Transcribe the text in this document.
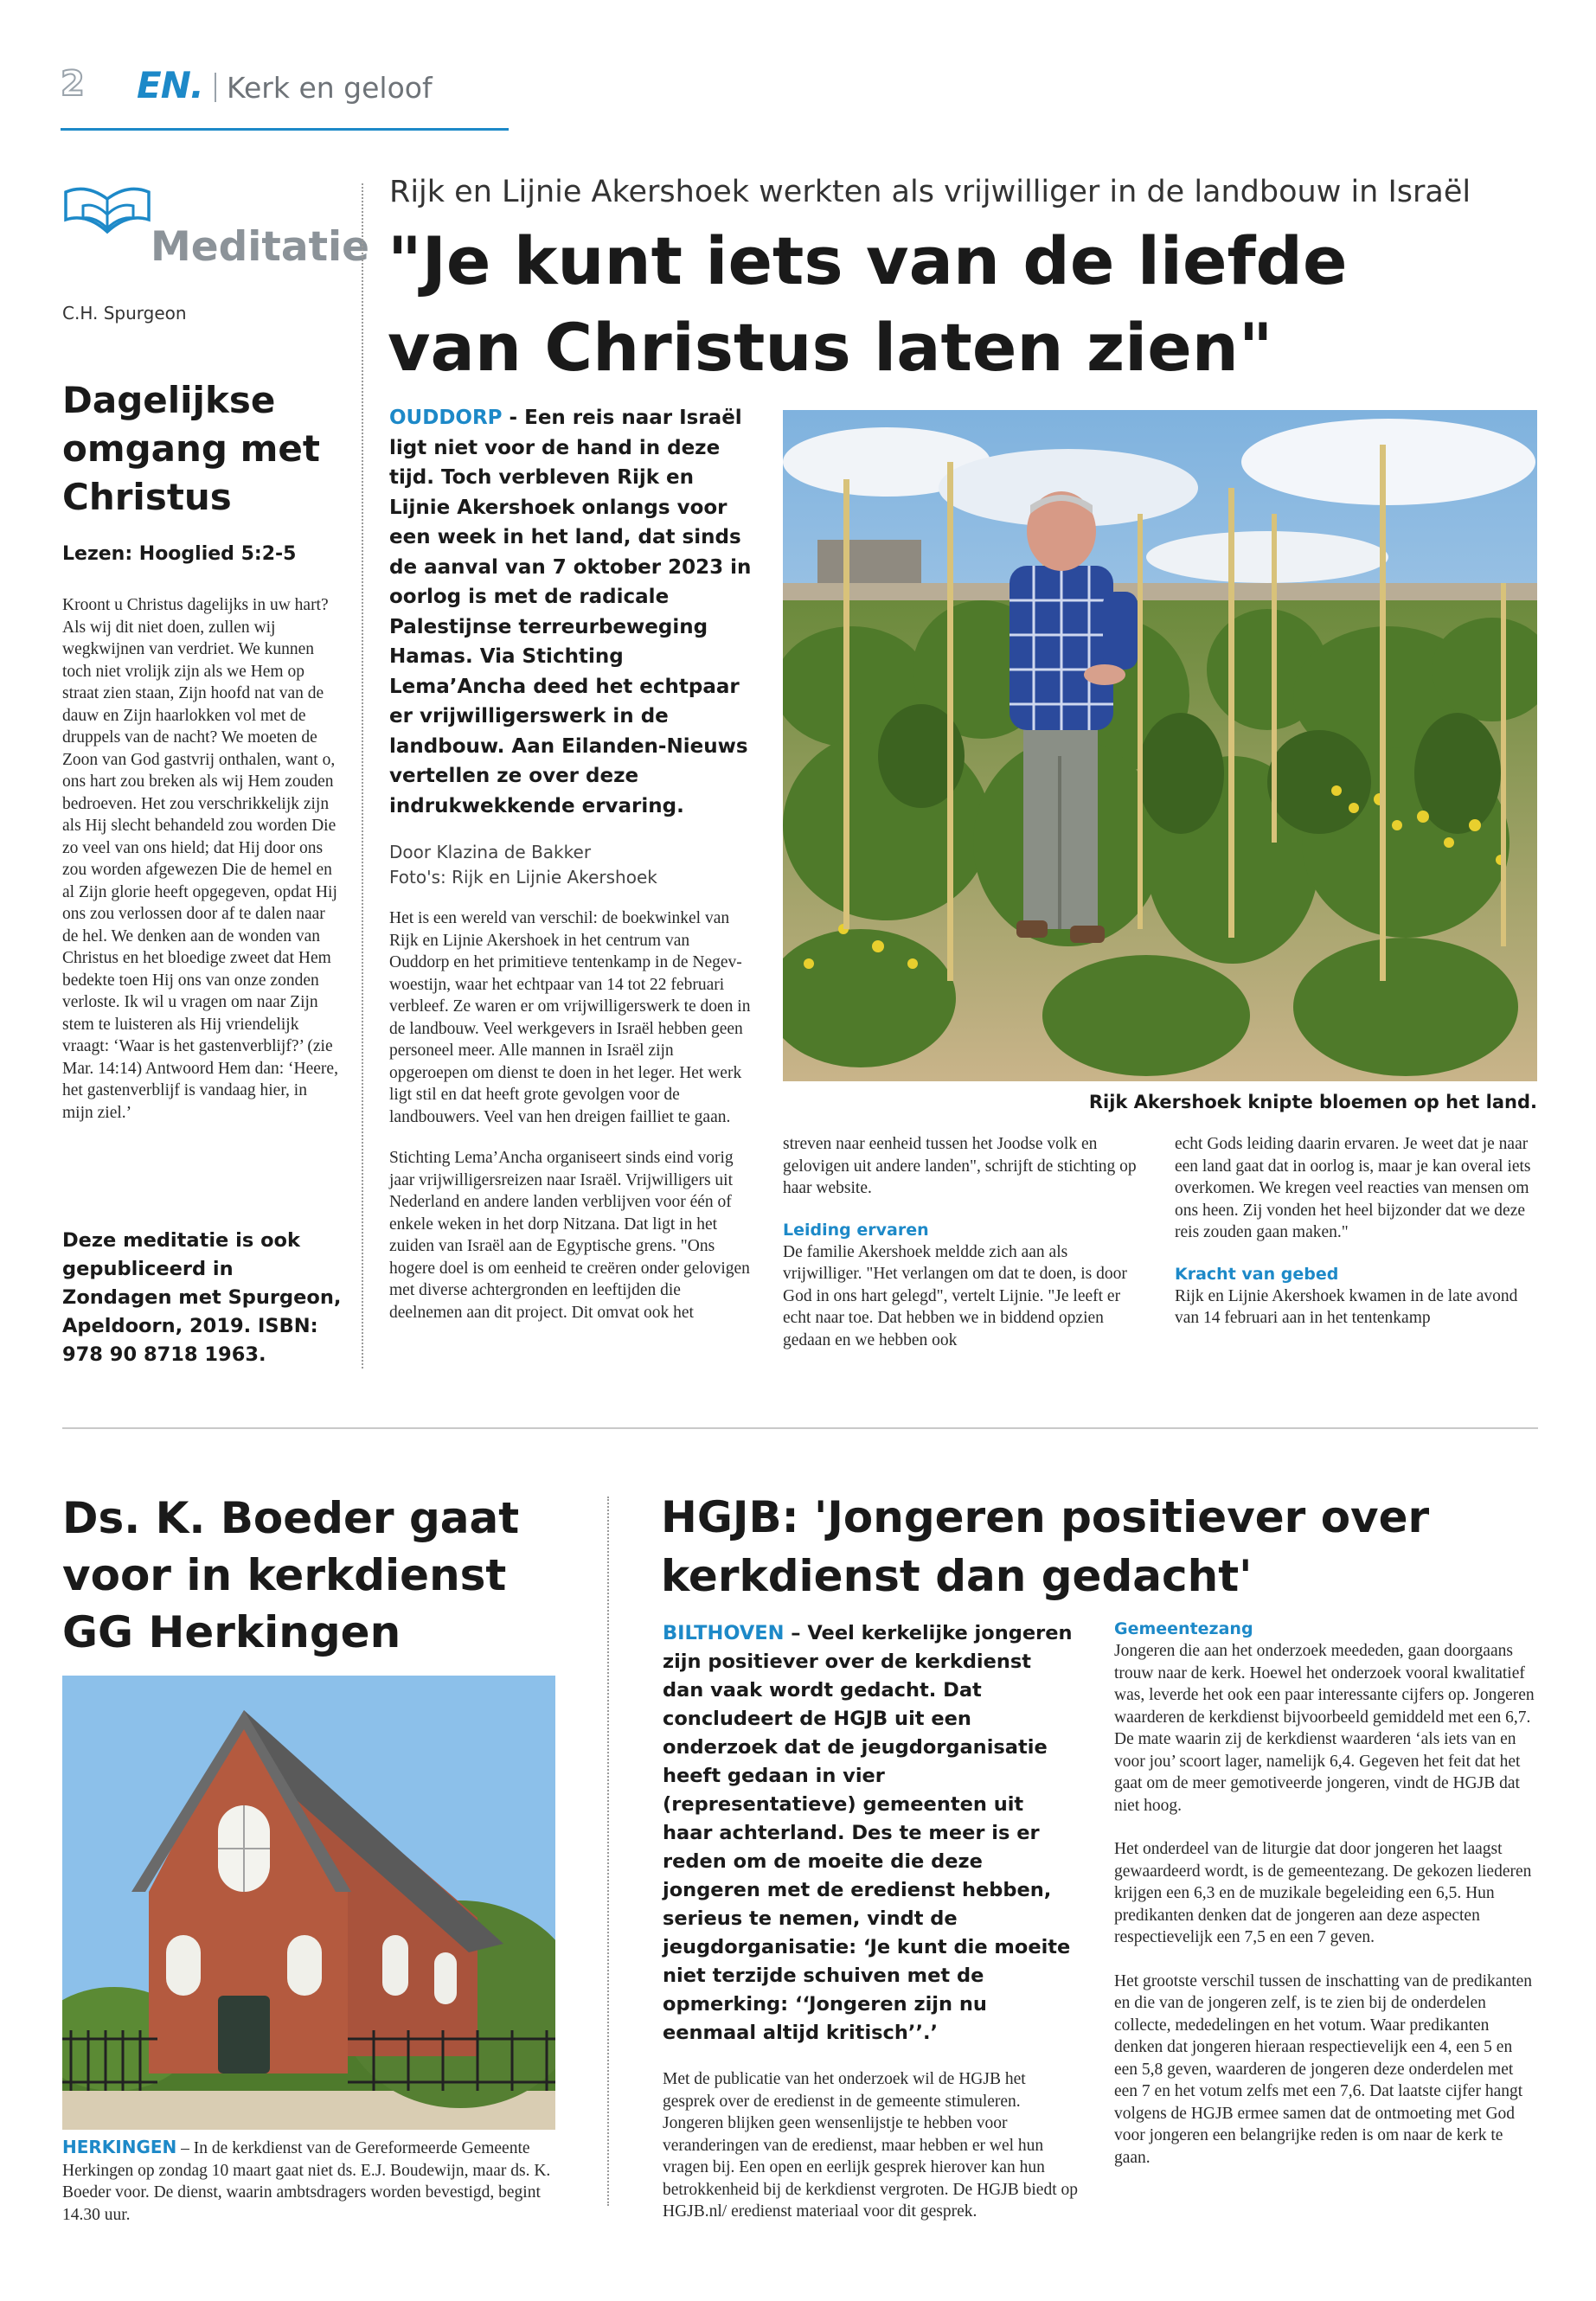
2 EN. Kerk en geloof
Meditatie
C.H. Spurgeon
Dagelijkse omgang met Christus
Lezen: Hooglied 5:2-5

Kroont u Christus dagelijks in uw hart? Als wij dit niet doen, zullen wij wegkwijnen van verdriet. We kunnen toch niet vrolijk zijn als we Hem op straat zien staan, Zijn hoofd nat van de dauw en Zijn haarlokken vol met de druppels van de nacht? We moeten de Zoon van God gastvrij onthalen, want o, ons hart zou breken als wij Hem zouden bedroeven. Het zou verschrikkelijk zijn als Hij slecht behandeld zou worden Die zo veel van ons hield; dat Hij door ons zou worden afgewezen Die de hemel en al Zijn glorie heeft opgegeven, opdat Hij ons zou verlossen door af te dalen naar de hel. We denken aan de wonden van Christus en het bloedige zweet dat Hem bedekte toen Hij ons van onze zonden verloste. Ik wil u vragen om naar Zijn stem te luisteren als Hij vriendelijk vraagt: ‘Waar is het gastenverblijf?’ (zie Mar. 14:14) Antwoord Hem dan: ‘Heere, het gastenverblijf is vandaag hier, in mijn ziel.’

Deze meditatie is ook gepubliceerd in Zondagen met Spurgeon, Apeldoorn, 2019. ISBN: 978 90 8718 1963.
Rijk en Lijnie Akershoek werkten als vrijwilliger in de landbouw in Israël
"Je kunt iets van de liefde van Christus laten zien"

OUDDORP - Een reis naar Israël ligt niet voor de hand in deze tijd. Toch verbleven Rijk en Lijnie Akershoek onlangs voor een week in het land, dat sinds de aanval van 7 oktober 2023 in oorlog is met de radicale Palestijnse terreurbeweging Hamas. Via Stichting Lema’Ancha deed het echtpaar er vrijwilligerswerk in de landbouw. Aan Eilanden-Nieuws vertellen ze over deze indrukwekkende ervaring.

Door Klazina de Bakker
Foto's: Rijk en Lijnie Akershoek

Het is een wereld van verschil: de boekwinkel van Rijk en Lijnie Akershoek in het centrum van Ouddorp en het primitieve tentenkamp in de Negev-woestijn, waar het echtpaar van 14 tot 22 februari verbleef. Ze waren er om vrijwilligerswerk te doen in de landbouw. Veel werkgevers in Israël hebben geen personeel meer. Alle mannen in Israël zijn opgeroepen om dienst te doen in het leger. Het werk ligt stil en dat heeft grote gevolgen voor de landbouwers. Veel van hen dreigen failliet te gaan.

Stichting Lema’Ancha organiseert sinds eind vorig jaar vrijwilligersreizen naar Israël. Vrijwilligers uit Nederland en andere landen verblijven voor één of enkele weken in het dorp Nitzana. Dat ligt in het zuiden van Israël aan de Egyptische grens. "Ons hogere doel is om eenheid te creëren onder gelovigen met diverse achtergronden en leeftijden die deelnemen aan dit project. Dit omvat ook het

Rijk Akershoek knipte bloemen op het land.

streven naar eenheid tussen het Joodse volk en gelovigen uit andere landen", schrijft de stichting op haar website.

Leiding ervaren

De familie Akershoek meldde zich aan als vrijwilliger. "Het verlangen om dat te doen, is door God in ons hart gelegd", vertelt Lijnie. "Je leeft er echt naar toe. Dat hebben we in biddend opzien gedaan en we hebben ook

echt Gods leiding daarin ervaren. Je weet dat je naar een land gaat dat in oorlog is, maar je kan overal iets overkomen. We kregen veel reacties van mensen om ons heen. Zij vonden het heel bijzonder dat we deze reis zouden gaan maken."

Kracht van gebed

Rijk en Lijnie Akershoek kwamen in de late avond van 14 februari aan in het tentenkamp

Ds. K. Boeder gaat voor in kerkdienst GG Herkingen

HERKINGEN – In de kerkdienst van de Gereformeerde Gemeente Herkingen op zondag 10 maart gaat niet ds. E.J. Boudewijn, maar ds. K. Boeder voor. De dienst, waarin ambtsdragers worden bevestigd, begint 14.30 uur.

HGJB: 'Jongeren positiever over kerkdienst dan gedacht'

BILTHOVEN – Veel kerkelijke jongeren zijn positiever over de kerkdienst dan vaak wordt gedacht. Dat concludeert de HGJB uit een onderzoek dat de jeugdorganisatie heeft gedaan in vier (representatieve) gemeenten uit haar achterland. Des te meer is er reden om de moeite die deze jongeren met de eredienst hebben, serieus te nemen, vindt de jeugdorganisatie: ‘Je kunt die moeite niet terzijde schuiven met de opmerking: ‘‘Jongeren zijn nu eenmaal altijd kritisch’’.’

Met de publicatie van het onderzoek wil de HGJB het gesprek over de eredienst in de gemeente stimuleren. Jongeren blijken geen wensenlijstje te hebben voor veranderingen van de eredienst, maar hebben er wel hun vragen bij. Een open en eerlijk gesprek hierover kan hun betrokkenheid bij de kerkdienst vergroten. De HGJB biedt op HGJB.nl/ eredienst materiaal voor dit gesprek.

Gemeentezang

Jongeren die aan het onderzoek meededen, gaan doorgaans trouw naar de kerk. Hoewel het onderzoek vooral kwalitatief was, leverde het ook een paar interessante cijfers op. Jongeren waarderen de kerkdienst bijvoorbeeld gemiddeld met een 6,7. De mate waarin zij de kerkdienst waarderen ‘als iets van en voor jou’ scoort lager, namelijk 6,4. Gegeven het feit dat het gaat om de meer gemotiveerde jongeren, vindt de HGJB dat niet hoog.

Het onderdeel van de liturgie dat door jongeren het laagst gewaardeerd wordt, is de gemeentezang. De gekozen liederen krijgen een 6,3 en de muzikale begeleiding een 6,5. Hun predikanten denken dat de jongeren aan deze aspecten respectievelijk een 7,5 en een 7 geven.

Het grootste verschil tussen de inschatting van de predikanten en die van de jongeren zelf, is te zien bij de onderdelen collecte, mededelingen en het votum. Waar predikanten denken dat jongeren hieraan respectievelijk een 4, een 5 en een 5,8 geven, waarderen de jongeren deze onderdelen met een 7 en het votum zelfs met een 7,6. Dat laatste cijfer hangt volgens de HGJB ermee samen dat de ontmoeting met God voor jongeren een belangrijke reden is om naar de kerk te gaan.
